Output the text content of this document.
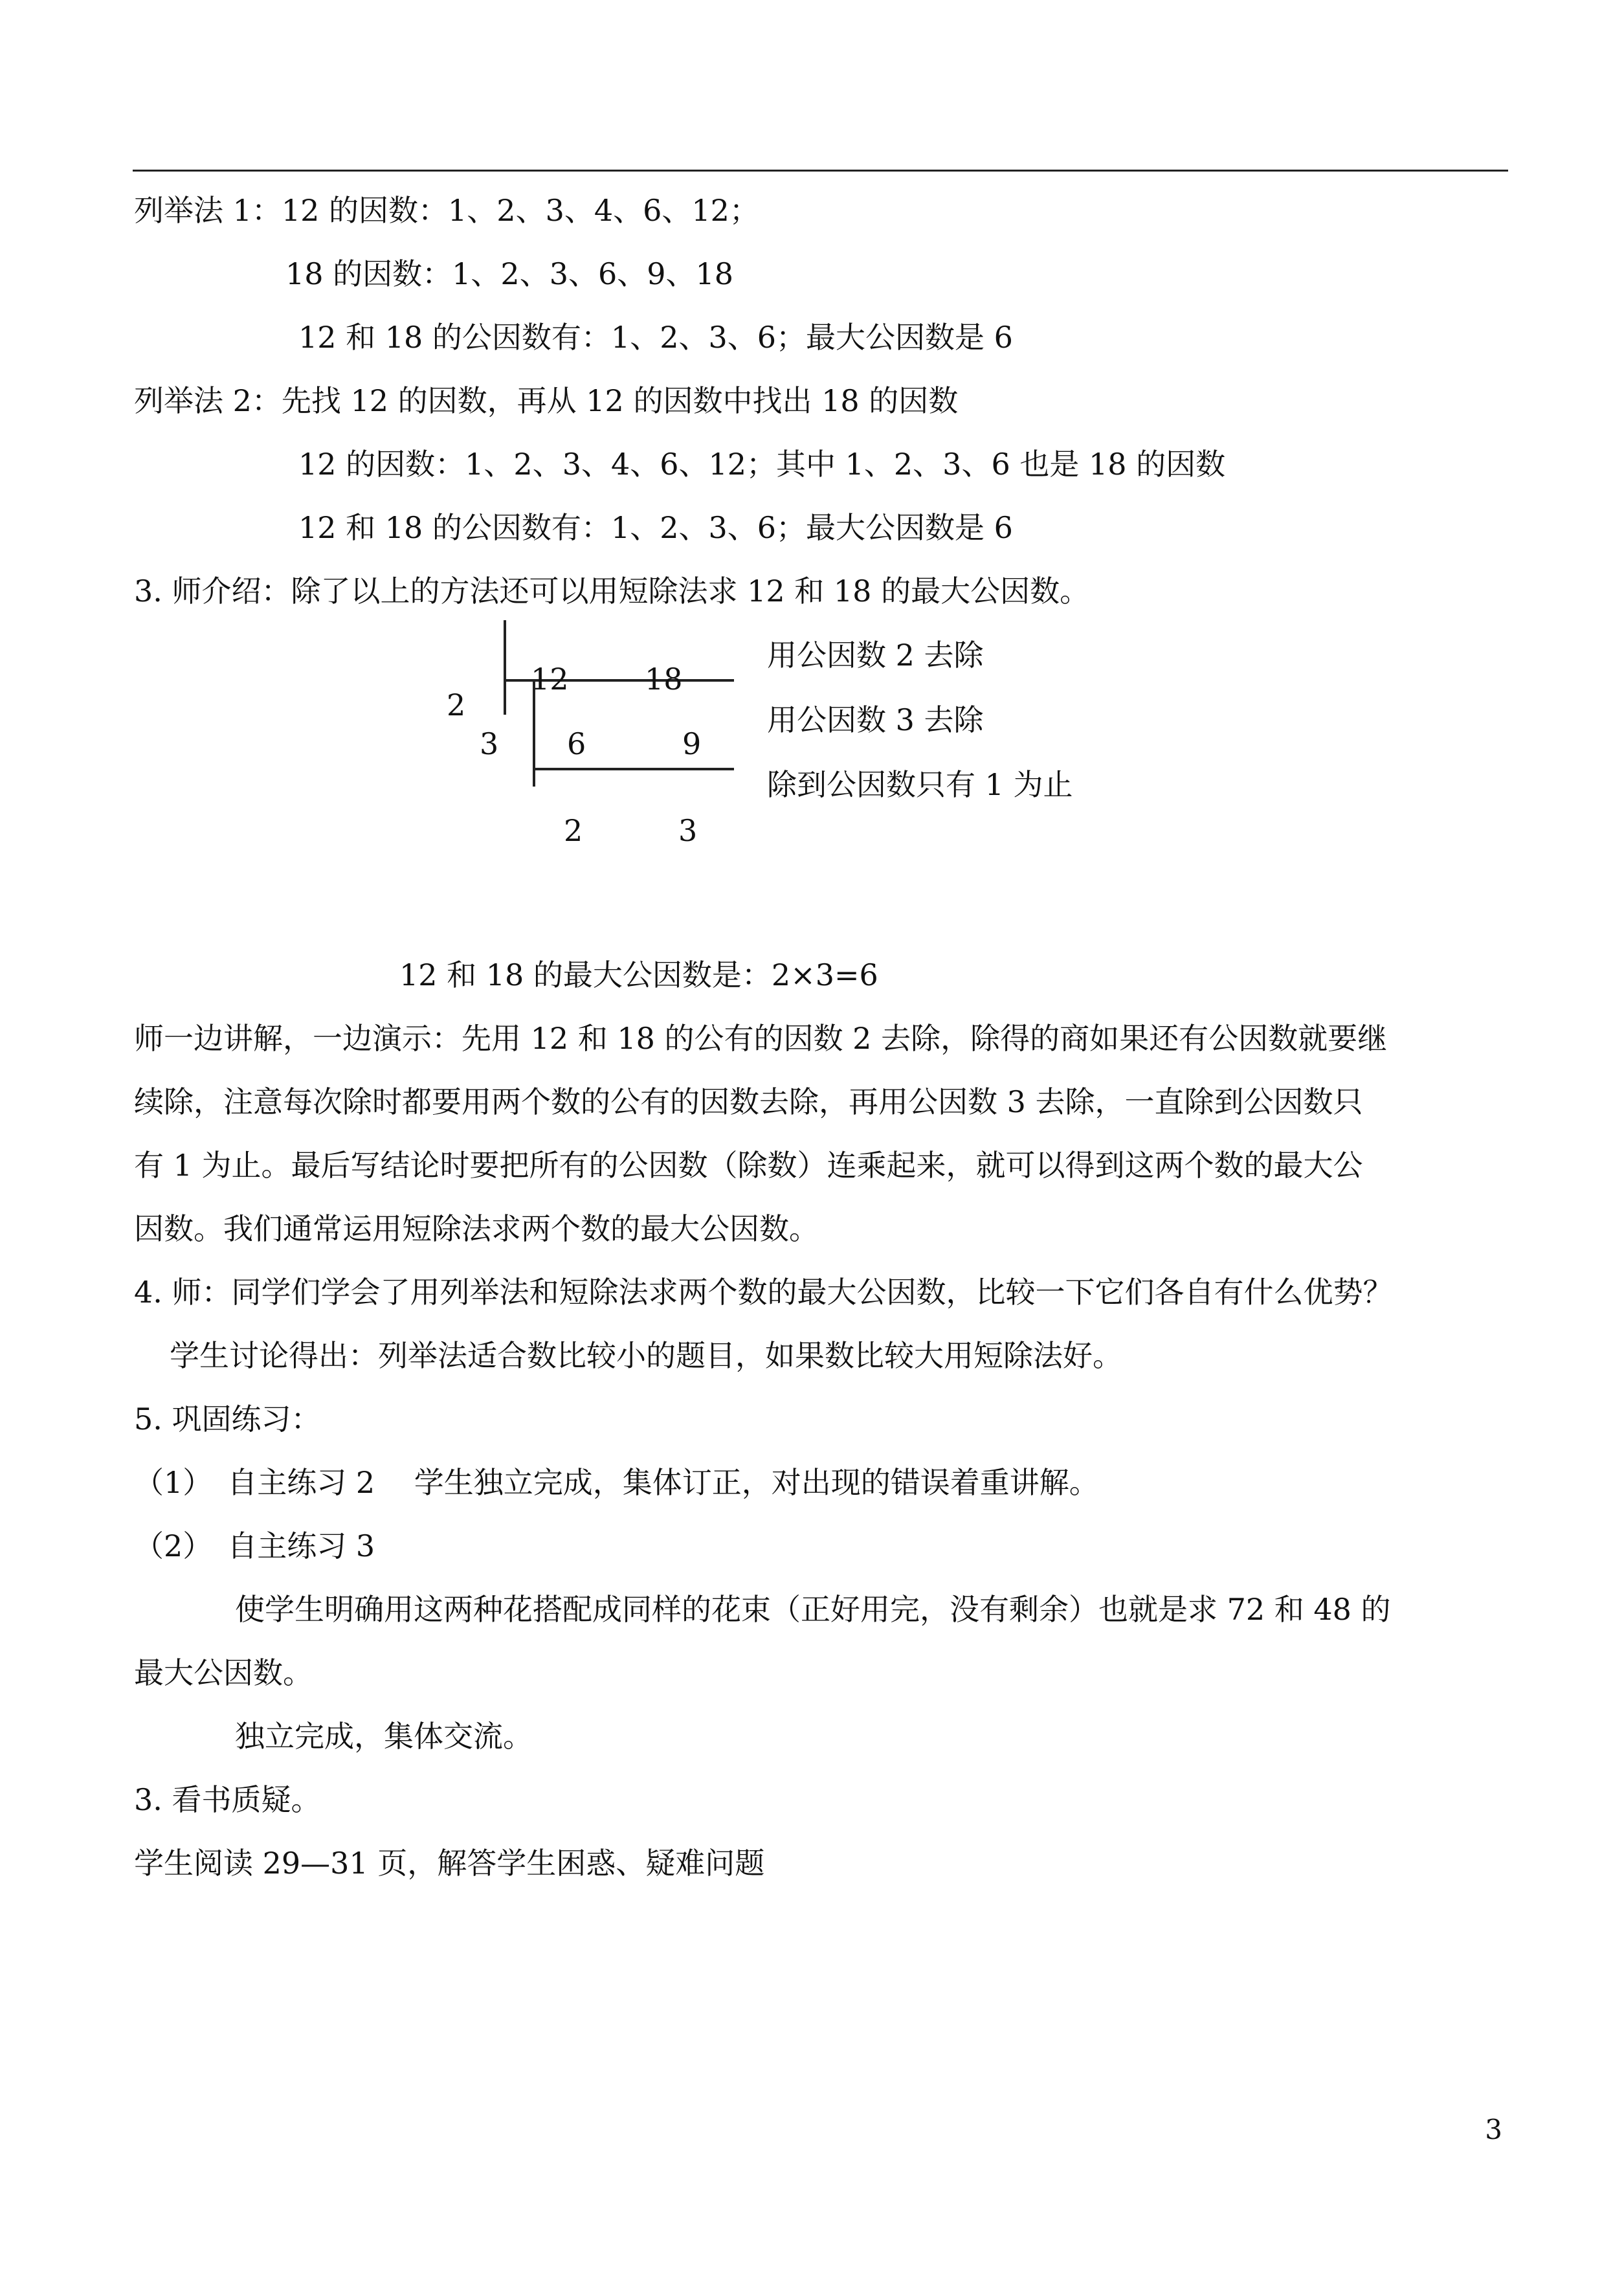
列举法 1：12 的因数：1、2、3、4、6、12；
18 的因数：1、2、3、6、9、18
12 和 18 的公因数有：1、2、3、6；最大公因数是 6
列举法 2：先找 12 的因数，再从 12 的因数中找出 18 的因数
12 的因数：1、2、3、4、6、12；其中 1、2、3、6 也是 18 的因数
12 和 18 的公因数有：1、2、3、6；最大公因数是 6
3. 师介绍：除了以上的方法还可以用短除法求 12 和 18 的最大公因数。
2
3
12	18
6	9
2	3
用公因数 2 去除
用公因数 3 去除
除到公因数只有 1 为止
12 和 18 的最大公因数是：2×3=6
师一边讲解，一边演示：先用 12 和 18 的公有的因数 2 去除，除得的商如果还有公因数就要继
续除，注意每次除时都要用两个数的公有的因数去除，再用公因数 3 去除，一直除到公因数只
有 1 为止。最后写结论时要把所有的公因数（除数）连乘起来，就可以得到这两个数的最大公
因数。我们通常运用短除法求两个数的最大公因数。
4. 师：同学们学会了用列举法和短除法求两个数的最大公因数，比较一下它们各自有什么优势？
学生讨论得出：列举法适合数比较小的题目，如果数比较大用短除法好。
5. 巩固练习：
（1）　自主练习 2　 学生独立完成，集体订正，对出现的错误着重讲解。
（2）　自主练习 3
使学生明确用这两种花搭配成同样的花束（正好用完，没有剩余）也就是求 72 和 48 的
最大公因数。
独立完成，集体交流。
3. 看书质疑。
学生阅读 29—31 页，解答学生困惑、疑难问题
3
